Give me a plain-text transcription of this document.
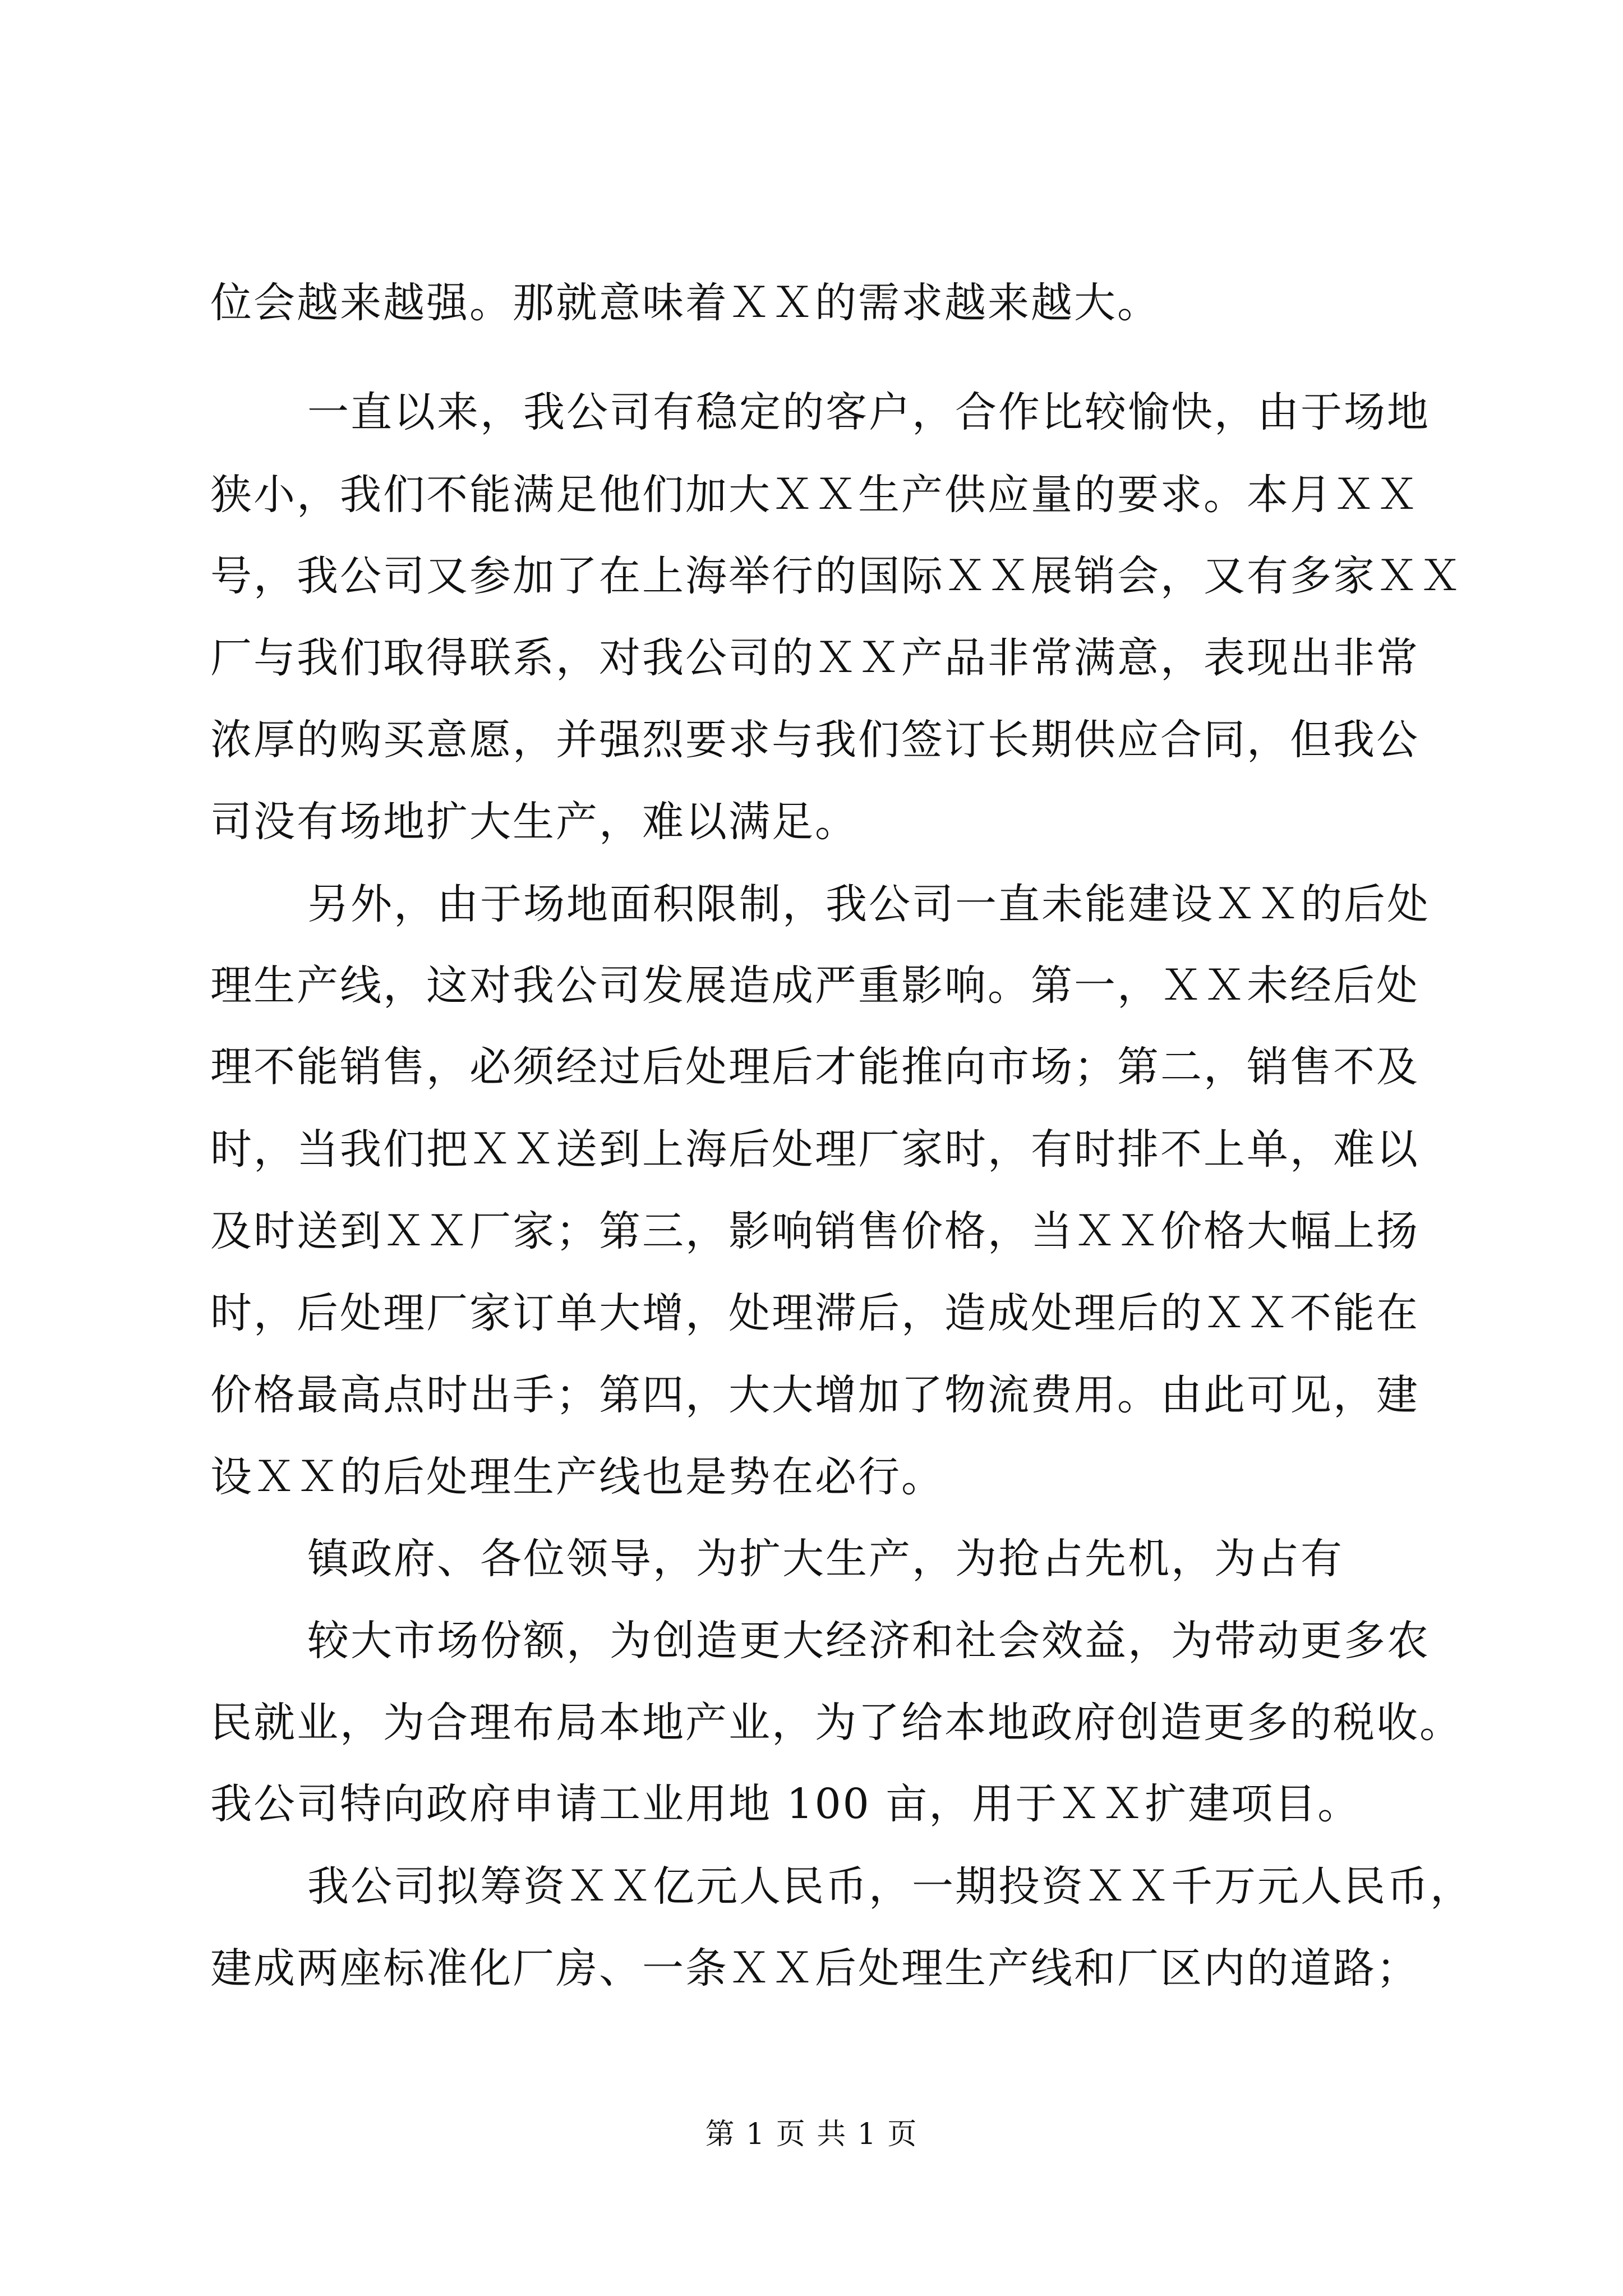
位会越来越强。那就意味着ＸＸ的需求越来越大。
一直以来，我公司有稳定的客户，合作比较愉快，由于场地
狭小，我们不能满足他们加大ＸＸ生产供应量的要求。本月ＸＸ
号，我公司又参加了在上海举行的国际ＸＸ展销会，又有多家ＸＸ
厂与我们取得联系，对我公司的ＸＸ产品非常满意，表现出非常
浓厚的购买意愿，并强烈要求与我们签订长期供应合同，但我公
司没有场地扩大生产，难以满足。
另外，由于场地面积限制，我公司一直未能建设ＸＸ的后处
理生产线，这对我公司发展造成严重影响。第一，ＸＸ未经后处
理不能销售，必须经过后处理后才能推向市场；第二，销售不及
时，当我们把ＸＸ送到上海后处理厂家时，有时排不上单，难以
及时送到ＸＸ厂家；第三，影响销售价格，当ＸＸ价格大幅上扬
时，后处理厂家订单大增，处理滞后，造成处理后的ＸＸ不能在
价格最高点时出手；第四，大大增加了物流费用。由此可见，建
设ＸＸ的后处理生产线也是势在必行。
镇政府、各位领导，为扩大生产，为抢占先机，为占有
较大市场份额，为创造更大经济和社会效益，为带动更多农
民就业，为合理布局本地产业，为了给本地政府创造更多的税收。
我公司特向政府申请工业用地 100 亩，用于ＸＸ扩建项目。
我公司拟筹资ＸＸ亿元人民币，一期投资ＸＸ千万元人民币，
建成两座标准化厂房、一条ＸＸ后处理生产线和厂区内的道路；
第 1 页 共 1 页
